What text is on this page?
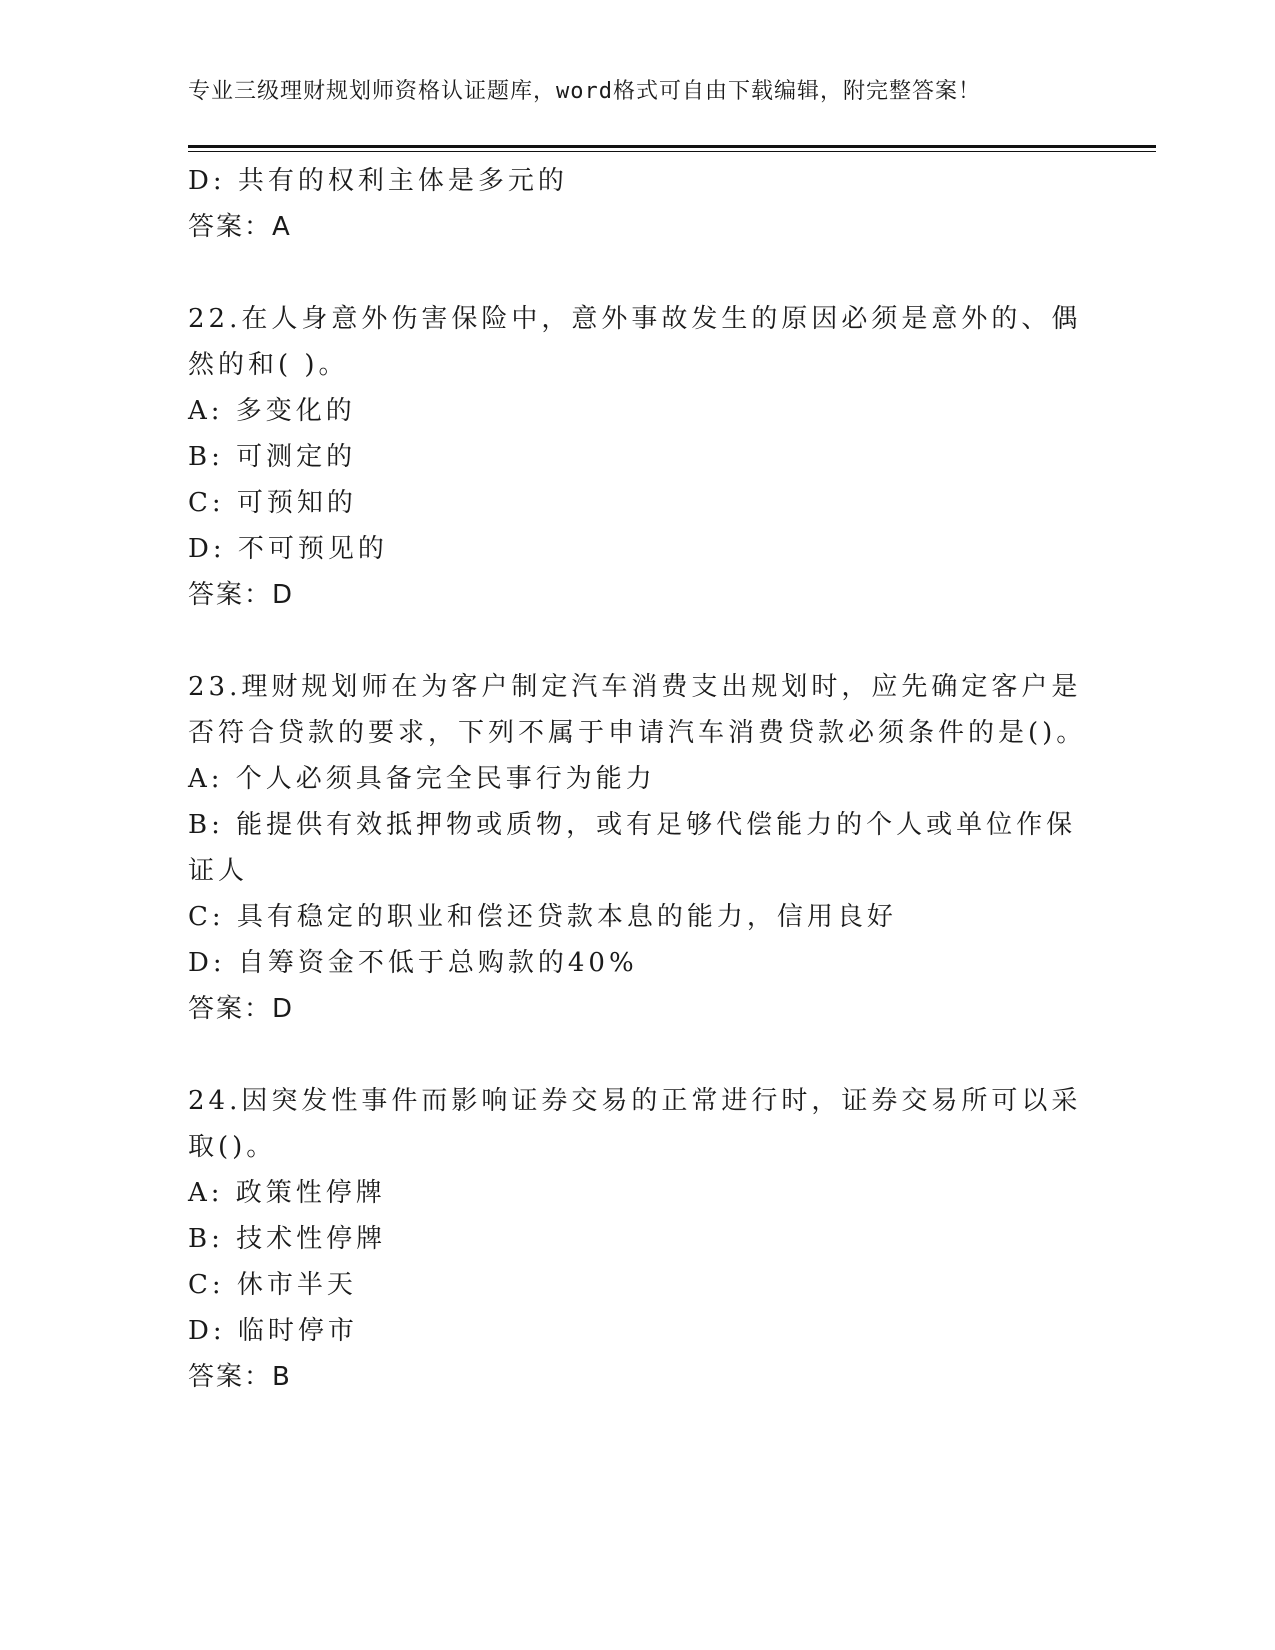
专业三级理财规划师资格认证题库，word格式可自由下载编辑，附完整答案！
D: 共有的权利主体是多元的
答案：A
22.在人身意外伤害保险中，意外事故发生的原因必须是意外的、偶然的和( )。
A: 多变化的
B: 可测定的
C: 可预知的
D: 不可预见的
答案：D
23.理财规划师在为客户制定汽车消费支出规划时，应先确定客户是否符合贷款的要求，下列不属于申请汽车消费贷款必须条件的是()。
A: 个人必须具备完全民事行为能力
B: 能提供有效抵押物或质物，或有足够代偿能力的个人或单位作保证人
C: 具有稳定的职业和偿还贷款本息的能力，信用良好
D: 自筹资金不低于总购款的40%
答案：D
24.因突发性事件而影响证券交易的正常进行时，证券交易所可以采取()。
A: 政策性停牌
B: 技术性停牌
C: 休市半天
D: 临时停市
答案：B
